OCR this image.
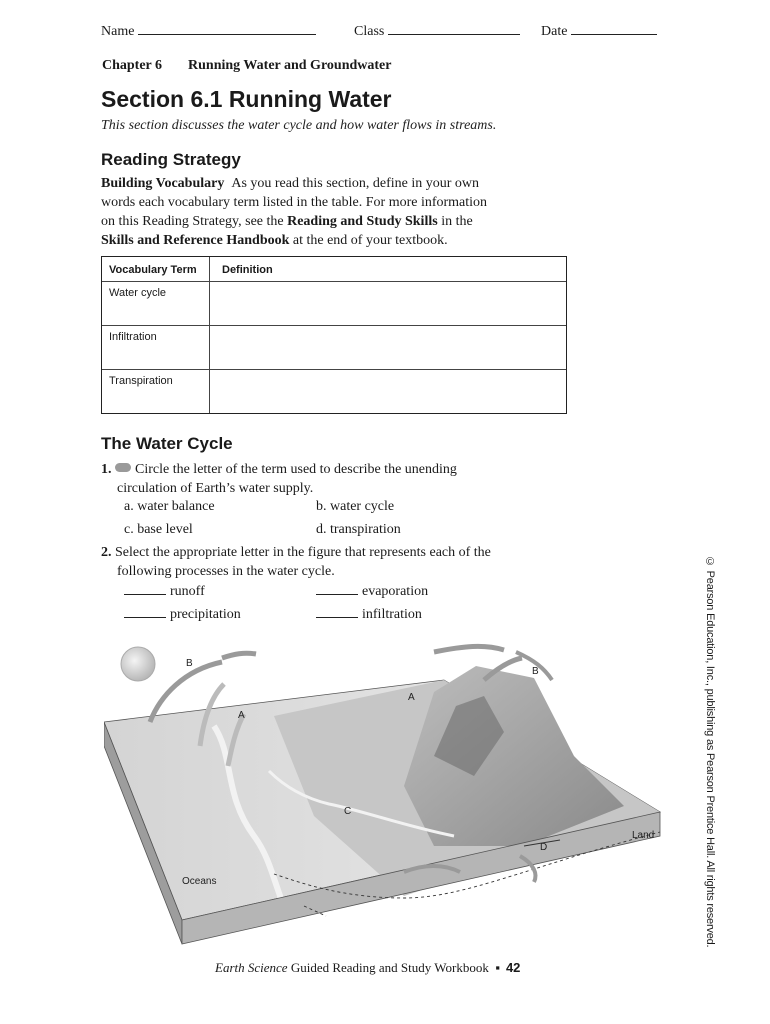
Name	Class	Date
Chapter 6 Running Water and Groundwater
Section 6.1 Running Water
This section discusses the water cycle and how water flows in streams.
Reading Strategy
Building Vocabulary As you read this section, define in your own
words each vocabulary term listed in the table. For more information
on this Reading Strategy, see the Reading and Study Skills in the
Skills and Reference Handbook at the end of your textbook.
Vocabulary Term Definition
Water cycle
Infiltration
Transpiration
The Water Cycle
1. Circle the letter of the term used to describe the unending
circulation of Earth’s water supply.
a. water balance	b. water cycle
c. base level	d. transpiration
2. Select the appropriate letter in the figure that represents each of the
following processes in the water cycle.
runoff	evaporation
precipitation	infiltration
B
A
B
A
C
D
Land
Oceans	© Pearson Education, Inc., publishing as Pearson Prentice Hall. All rights reserved.
Earth Science Guided Reading and Study Workbook ▪ 42
